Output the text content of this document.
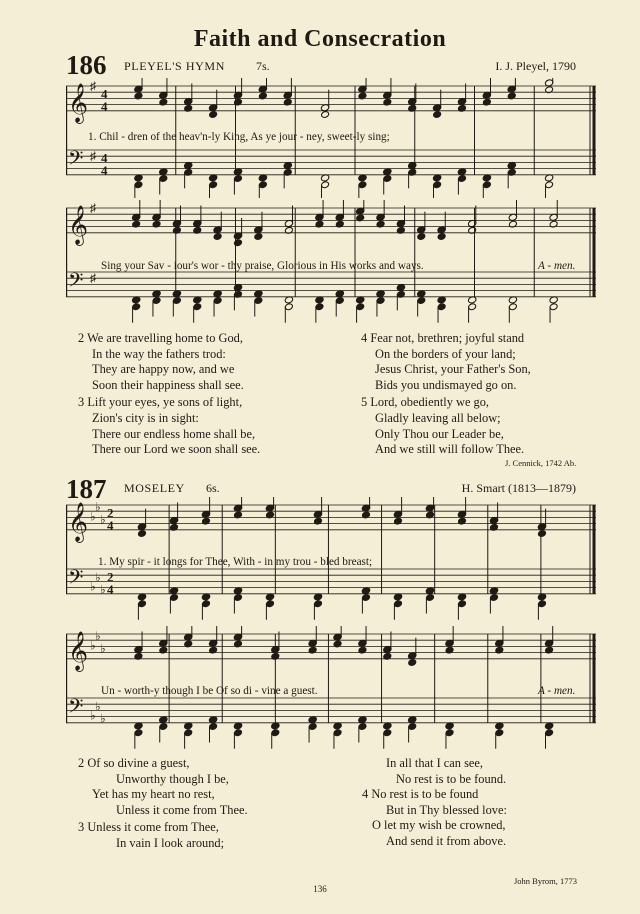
Faith and Consecration
186 PLEYEL'S HYMN	7s.	I. J. Pleyel, 1790
𝄞 ♯
4
4
𝄢 ♯ 4
4
1. Chil - dren of the heav'n-ly King, As ye jour - ney, sweet-ly sing;
𝄞 ♯
𝄢 ♯
Sing your Sav - iour's wor - thy praise, Glorious in His works and ways.	A - men.
2 We are travelling home to God,
In the way the fathers trod:
They are happy now, and we
Soon their happiness shall see.
3 Lift your eyes, ye sons of light,
Zion's city is in sight:
There our endless home shall be,
There our Lord we soon shall see.
4 Fear not, brethren; joyful stand
On the borders of your land;
Jesus Christ, your Father's Son,
Bids you undismayed go on.
5 Lord, obediently we go,
Gladly leaving all below;
Only Thou our Leader be,
And we still will follow Thee.
J. Cennick, 1742 Ab.
187 MOSELEY 6s.	H. Smart (1813—1879)
𝄞 ♭
♭
♭ 2
4
𝄢 ♭
♭
♭
2
4
1. My spir - it longs for Thee, With - in my trou - bled breast;
𝄞 ♭
♭
♭
𝄢 ♭
♭
♭
Un - worth-y though I be Of so di - vine a guest.	A - men.
2 Of so divine a guest,
Unworthy though I be,
Yet has my heart no rest,
Unless it come from Thee.
3 Unless it come from Thee,
In vain I look around;
In all that I can see,
No rest is to be found.
4 No rest is to be found
But in Thy blessed love:
O let my wish be crowned,
And send it from above.
John Byrom, 1773
136
